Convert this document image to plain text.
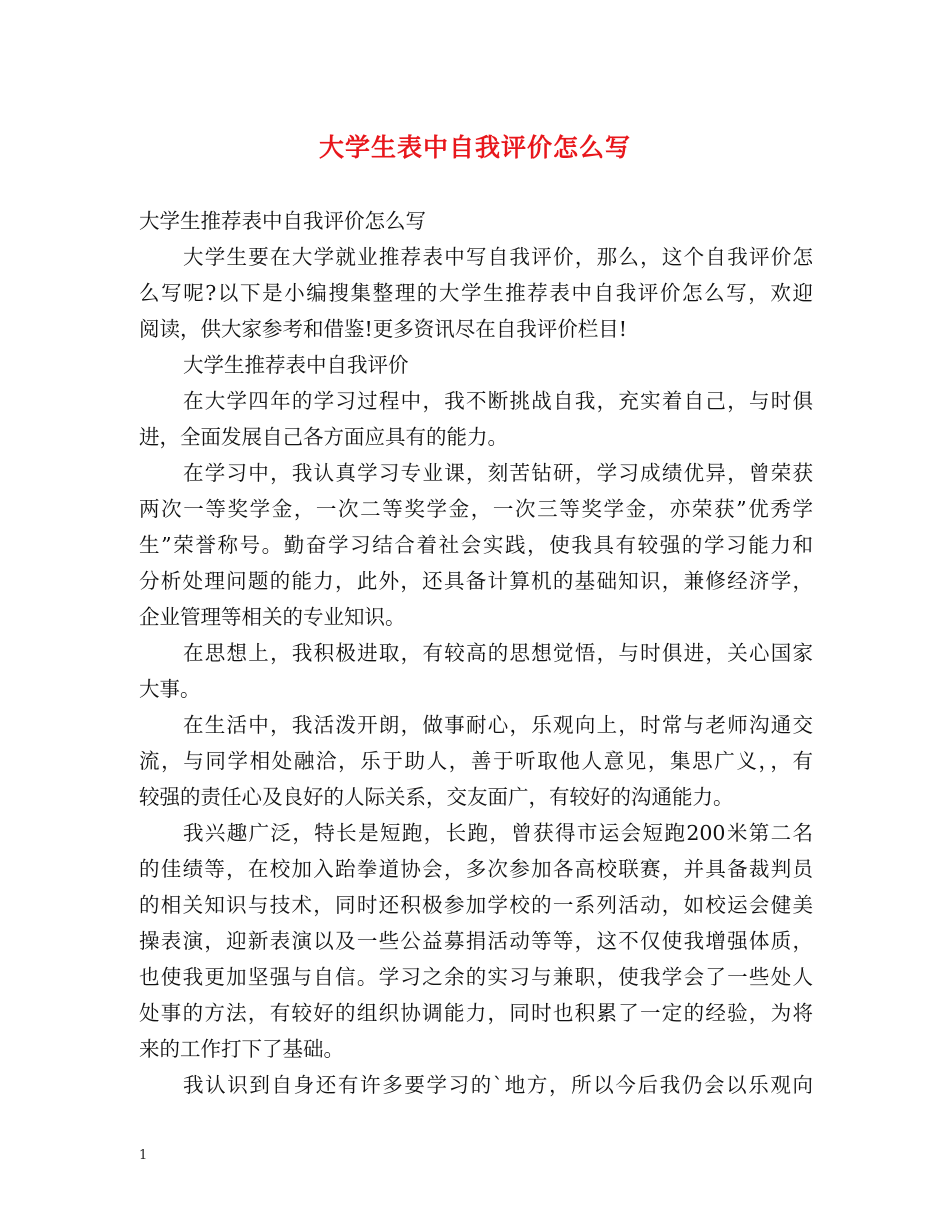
大学生表中自我评价怎么写
大学生推荐表中自我评价怎么写
大学生要在大学就业推荐表中写自我评价，那么，这个自我评价怎
么写呢?以下是小编搜集整理的大学生推荐表中自我评价怎么写，欢迎
阅读，供大家参考和借鉴!更多资讯尽在自我评价栏目!
大学生推荐表中自我评价
在大学四年的学习过程中，我不断挑战自我，充实着自己，与时俱
进，全面发展自己各方面应具有的能力。
在学习中，我认真学习专业课，刻苦钻研，学习成绩优异，曾荣获
两次一等奖学金，一次二等奖学金，一次三等奖学金，亦荣获”优秀学
生”荣誉称号。勤奋学习结合着社会实践，使我具有较强的学习能力和
分析处理问题的能力，此外，还具备计算机的基础知识，兼修经济学，
企业管理等相关的专业知识。
在思想上，我积极进取，有较高的思想觉悟，与时俱进，关心国家
大事。
在生活中，我活泼开朗，做事耐心，乐观向上，时常与老师沟通交
流，与同学相处融洽，乐于助人，善于听取他人意见，集思广义，，有
较强的责任心及良好的人际关系，交友面广，有较好的沟通能力。
我兴趣广泛，特长是短跑，长跑，曾获得市运会短跑200米第二名
的佳绩等，在校加入跆拳道协会，多次参加各高校联赛，并具备裁判员
的相关知识与技术，同时还积极参加学校的一系列活动，如校运会健美
操表演，迎新表演以及一些公益募捐活动等等，这不仅使我增强体质，
也使我更加坚强与自信。学习之余的实习与兼职，使我学会了一些处人
处事的方法，有较好的组织协调能力，同时也积累了一定的经验，为将
来的工作打下了基础。
我认识到自身还有许多要学习的`地方，所以今后我仍会以乐观向
1
